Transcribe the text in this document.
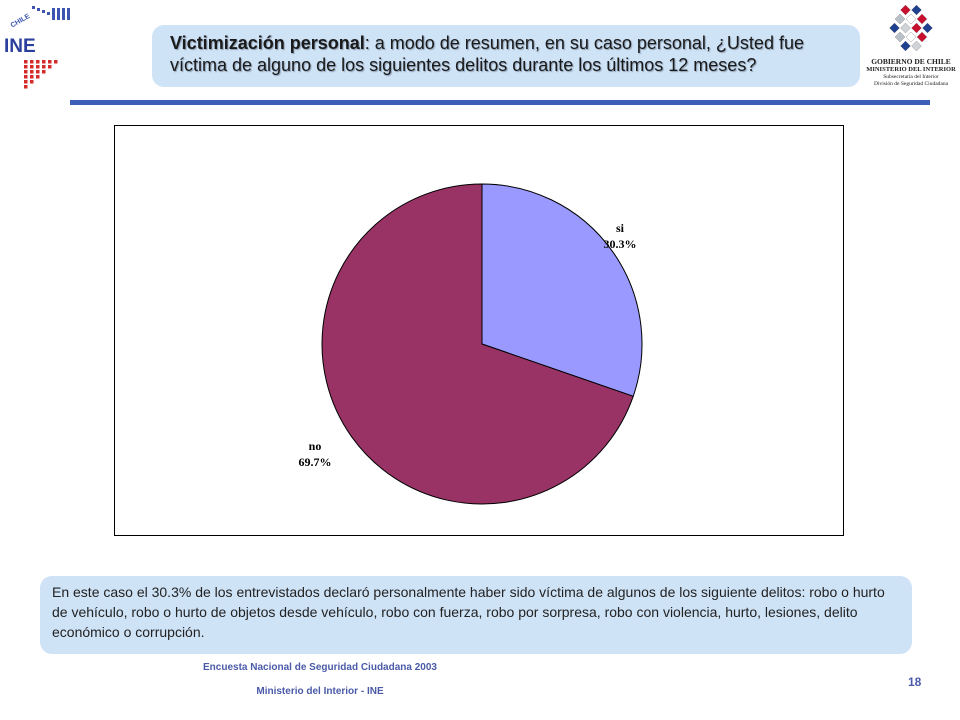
CHILE
INE	Victimización personal: a modo de resumen, en su caso personal, ¿Usted fue víctima de alguno de los siguientes delitos durante los últimos 12 meses?	GOBIERNO DE CHILE
MINISTERIO DEL INTERIOR
Subsecretaría del Interior
División de Seguridad Ciudadana
si
30.3%
no
69.7%
En este caso el 30.3% de los entrevistados declaró personalmente haber sido víctima de algunos de los siguiente delitos: robo o hurto de vehículo, robo o hurto de objetos desde vehículo, robo con fuerza, robo por sorpresa, robo con violencia, hurto, lesiones, delito económico o corrupción.
Encuesta Nacional de Seguridad Ciudadana 2003
Ministerio del Interior - INE
18
